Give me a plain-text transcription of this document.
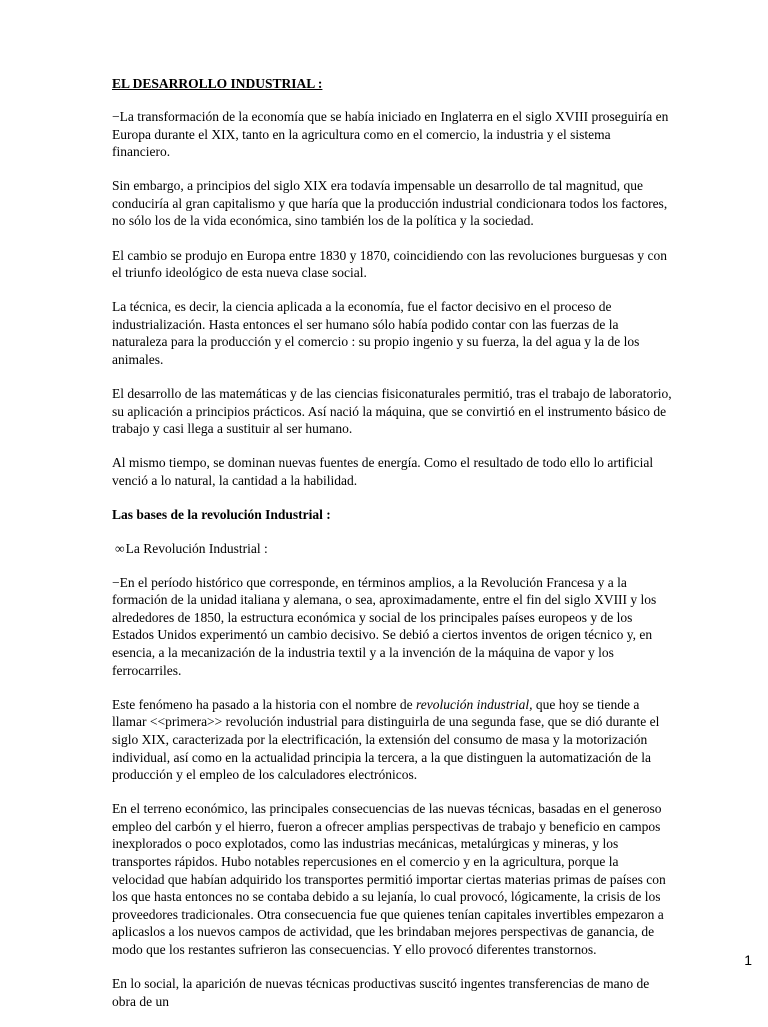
EL DESARROLLO INDUSTRIAL :

−La transformación de la economía que se había iniciado en Inglaterra en el siglo XVIII proseguiría en Europa durante el XIX, tanto en la agricultura como en el comercio, la industria y el sistema financiero.

Sin embargo, a principios del siglo XIX era todavía impensable un desarrollo de tal magnitud, que conduciría al gran capitalismo y que haría que la producción industrial condicionara todos los factores, no sólo los de la vida económica, sino también los de la política y la sociedad.

El cambio se produjo en Europa entre 1830 y 1870, coincidiendo con las revoluciones burguesas y con el triunfo ideológico de esta nueva clase social.

La técnica, es decir, la ciencia aplicada a la economía, fue el factor decisivo en el proceso de industrialización. Hasta entonces el ser humano sólo había podido contar con las fuerzas de la naturaleza para la producción y el comercio : su propio ingenio y su fuerza, la del agua y la de los animales.

El desarrollo de las matemáticas y de las ciencias fisiconaturales permitió, tras el trabajo de laboratorio, su aplicación a principios prácticos. Así nació la máquina, que se convirtió en el instrumento básico de trabajo y casi llega a sustituir al ser humano.

Al mismo tiempo, se dominan nuevas fuentes de energía. Como el resultado de todo ello lo artificial venció a lo natural, la cantidad a la habilidad.

Las bases de la revolución Industrial :
∞La Revolución Industrial :

−En el período histórico que corresponde, en términos amplios, a la Revolución Francesa y a la formación de la unidad italiana y alemana, o sea, aproximadamente, entre el fin del siglo XVIII y los alrededores de 1850, la estructura económica y social de los principales países europeos y de los Estados Unidos experimentó un cambio decisivo. Se debió a ciertos inventos de origen técnico y, en esencia, a la mecanización de la industria textil y a la invención de la máquina de vapor y los ferrocarriles.

Este fenómeno ha pasado a la historia con el nombre de revolución industrial, que hoy se tiende a llamar <<primera>> revolución industrial para distinguirla de una segunda fase, que se dió durante el siglo XIX, caracterizada por la electrificación, la extensión del consumo de masa y la motorización individual, así como en la actualidad principia la tercera, a la que distinguen la automatización de la producción y el empleo de los calculadores electrónicos.

En el terreno económico, las principales consecuencias de las nuevas técnicas, basadas en el generoso empleo del carbón y el hierro, fueron a ofrecer amplias perspectivas de trabajo y beneficio en campos inexplorados o poco explotados, como las industrias mecánicas, metalúrgicas y mineras, y los transportes rápidos. Hubo notables repercusiones en el comercio y en la agricultura, porque la velocidad que habían adquirido los transportes permitió importar ciertas materias primas de países con los que hasta entonces no se contaba debido a su lejanía, lo cual provocó, lógicamente, la crisis de los proveedores tradicionales. Otra consecuencia fue que quienes tenían capitales invertibles empezaron a aplicaslos a los nuevos campos de actividad, que les brindaban mejores perspectivas de ganancia, de modo que los restantes sufrieron las consecuencias. Y ello provocó diferentes transtornos.

En lo social, la aparición de nuevas técnicas productivas suscitó ingentes transferencias de mano de obra de un

1
